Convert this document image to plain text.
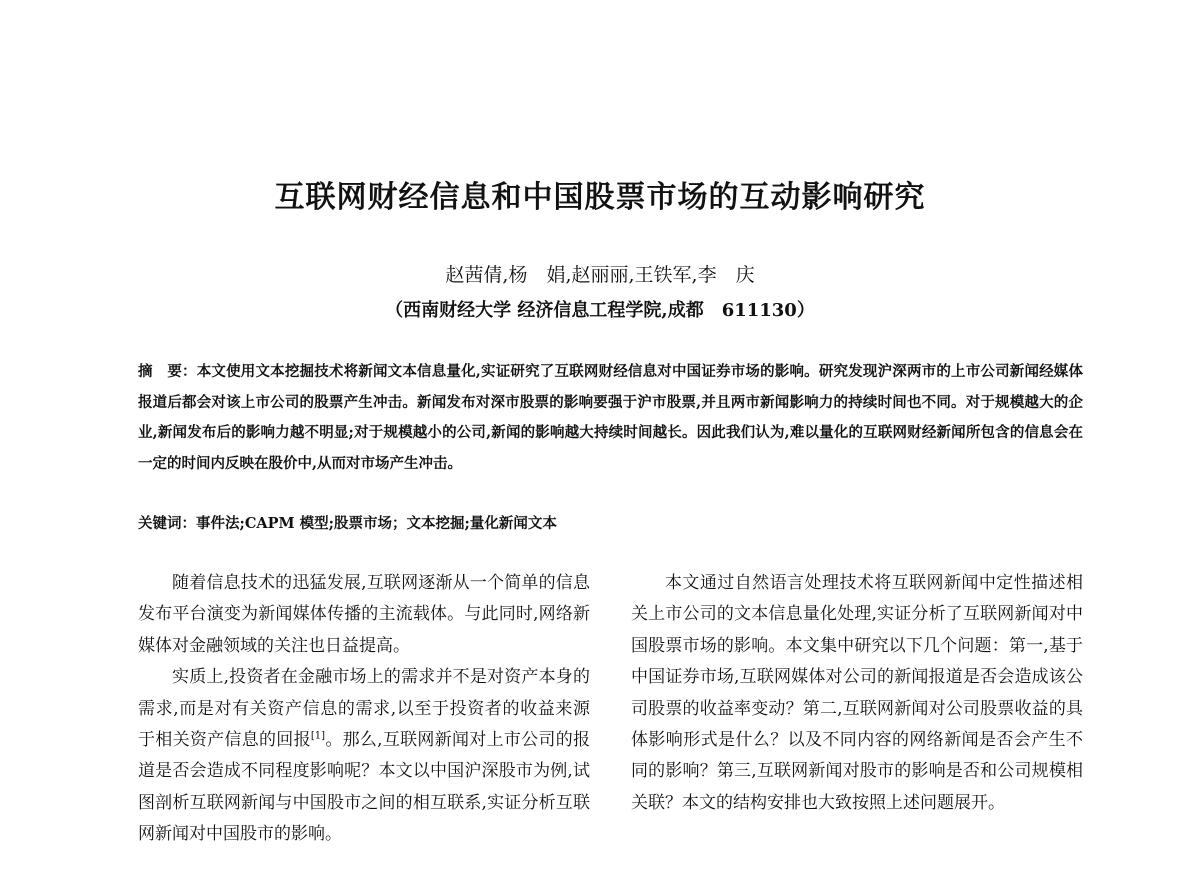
互联网财经信息和中国股票市场的互动影响研究
赵茜倩,杨　娟,赵丽丽,王铁军,李　庆
（西南财经大学 经济信息工程学院,成都　611130）

摘　要：本文使用文本挖掘技术将新闻文本信息量化,实证研究了互联网财经信息对中国证券市场的影响。研究发现沪深两市的上市公司新闻经媒体报道后都会对该上市公司的股票产生冲击。新闻发布对深市股票的影响要强于沪市股票,并且两市新闻影响力的持续时间也不同。对于规模越大的企业,新闻发布后的影响力越不明显;对于规模越小的公司,新闻的影响越大持续时间越长。因此我们认为,难以量化的互联网财经新闻所包含的信息会在一定的时间内反映在股价中,从而对市场产生冲击。

关键词：事件法;CAPM 模型;股票市场；文本挖掘;量化新闻文本

随着信息技术的迅猛发展,互联网逐渐从一个简单的信息发布平台演变为新闻媒体传播的主流载体。与此同时,网络新媒体对金融领域的关注也日益提高。

实质上,投资者在金融市场上的需求并不是对资产本身的需求,而是对有关资产信息的需求,以至于投资者的收益来源于相关资产信息的回报[1]。那么,互联网新闻对上市公司的报道是否会造成不同程度影响呢？本文以中国沪深股市为例,试图剖析互联网新闻与中国股市之间的相互联系,实证分析互联网新闻对中国股市的影响。

本文通过自然语言处理技术将互联网新闻中定性描述相关上市公司的文本信息量化处理,实证分析了互联网新闻对中国股票市场的影响。本文集中研究以下几个问题：第一,基于中国证券市场,互联网媒体对公司的新闻报道是否会造成该公司股票的收益率变动？第二,互联网新闻对公司股票收益的具体影响形式是什么？以及不同内容的网络新闻是否会产生不同的影响？第三,互联网新闻对股市的影响是否和公司规模相关联？本文的结构安排也大致按照上述问题展开。
